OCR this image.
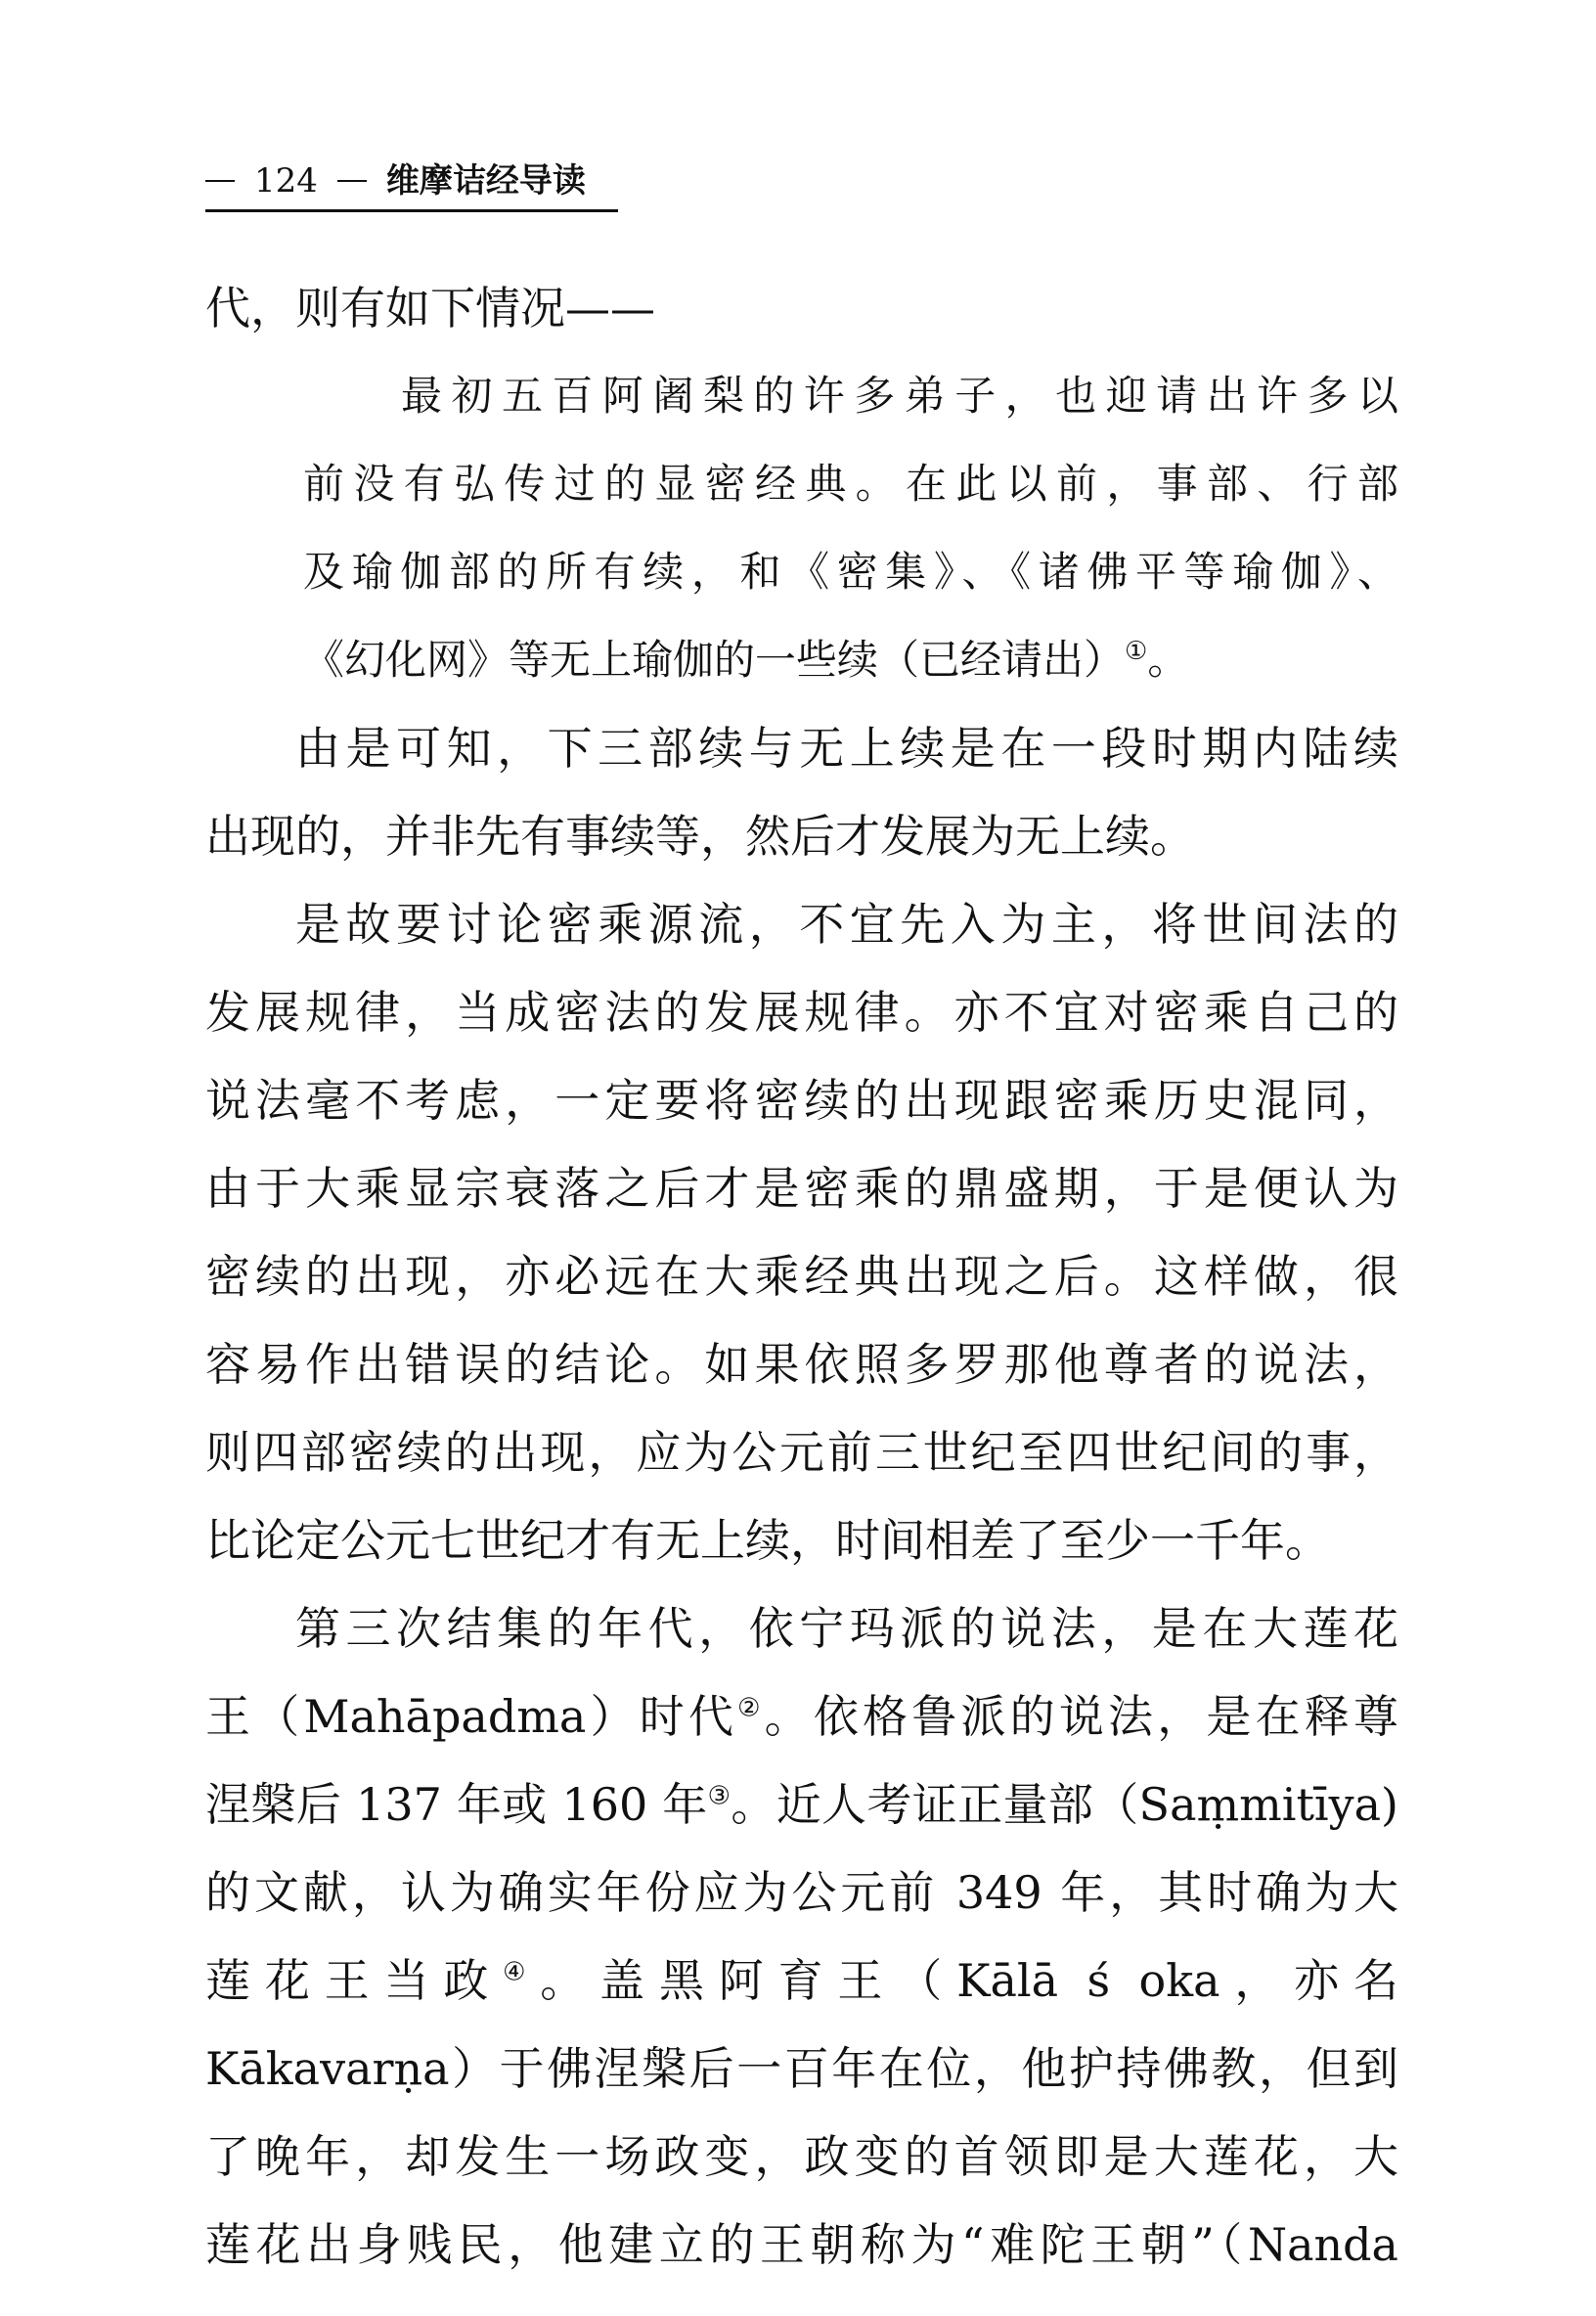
124 维摩诘经导读
代，则有如下情况——
最初五百阿阇梨的许多弟子，也迎请出许多以
前没有弘传过的显密经典。在此以前，事部、行部
及瑜伽部的所有续，和《密集》、《诸佛平等瑜伽》、
《幻化网》等无上瑜伽的一些续（已经请出）①。
由是可知，下三部续与无上续是在一段时期内陆续
出现的，并非先有事续等，然后才发展为无上续。
是故要讨论密乘源流，不宜先入为主，将世间法的
发展规律，当成密法的发展规律。亦不宜对密乘自己的
说法毫不考虑，一定要将密续的出现跟密乘历史混同，
由于大乘显宗衰落之后才是密乘的鼎盛期，于是便认为
密续的出现，亦必远在大乘经典出现之后。这样做，很
容易作出错误的结论。如果依照多罗那他尊者的说法，
则四部密续的出现，应为公元前三世纪至四世纪间的事，
比论定公元七世纪才有无上续，时间相差了至少一千年。
第三次结集的年代，依宁玛派的说法，是在大莲花
王（Mahāpadma）时代②。依格鲁派的说法，是在释尊
涅槃后 137 年或 160 年③。近人考证正量部（Saṃmitīya)
的文献，认为确实年份应为公元前 349 年，其时确为大
莲花王当政④。盖黑阿育王（Kālā ś oka，亦名
Kākavarṇa）于佛涅槃后一百年在位，他护持佛教，但到
了晚年，却发生一场政变，政变的首领即是大莲花，大
莲花出身贱民，他建立的王朝称为“难陀王朝”（Nanda
